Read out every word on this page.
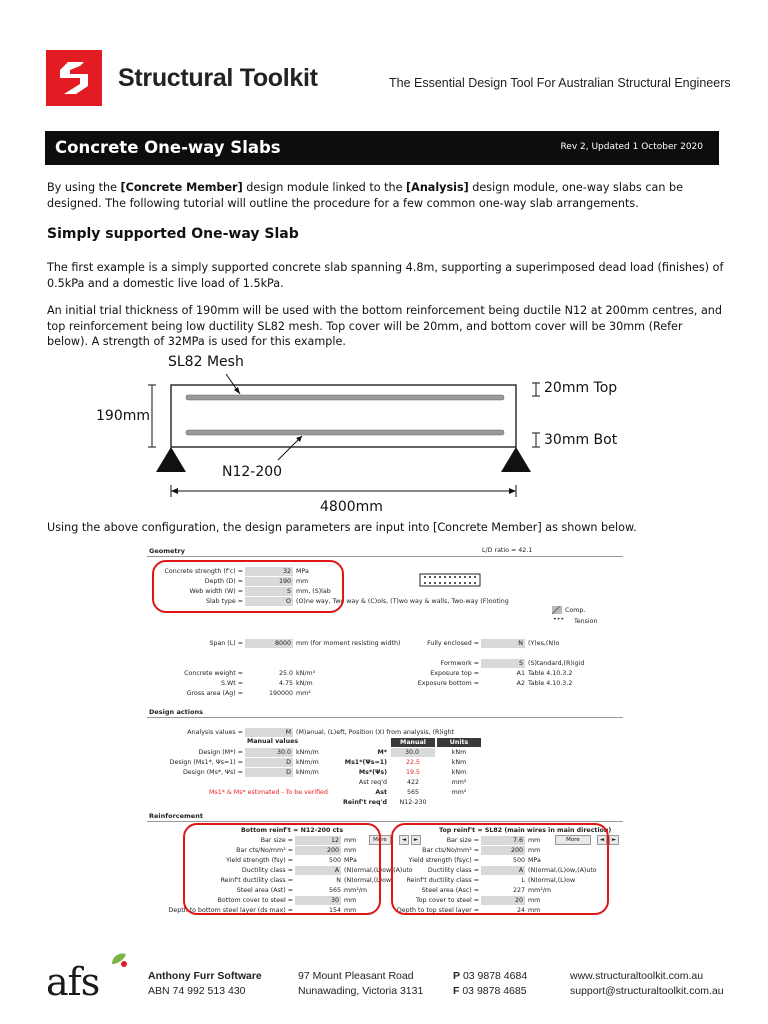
Structural Toolkit	The Essential Design Tool For Australian Structural Engineers
Concrete One-way Slabs	Rev 2, Updated 1 October 2020
By using the [Concrete Member] design module linked to the [Analysis] design module, one-way slabs can be designed. The following tutorial will outline the procedure for a few common one-way slab arrangements.
Simply supported One-way Slab
The first example is a simply supported concrete slab spanning 4.8m, supporting a superimposed dead load (finishes) of 0.5kPa and a domestic live load of 1.5kPa.
An initial trial thickness of 190mm will be used with the bottom reinforcement being ductile N12 at 200mm centres, and top reinforcement being low ductility SL82 mesh. Top cover will be 20mm, and bottom cover will be 30mm (Refer below). A strength of 32MPa is used for this example.
SL82 Mesh
190mm
20mm Top
30mm Bot
N12-200
4800mm
Using the above configuration, the design parameters are input into [Concrete Member] as shown below.
Geometry	L/D ratio = 42.1
Concrete strength (f'c) =	32 MPa
Depth (D) =	190 mm
Web width (W) =	S mm, (S)lab
Slab type =	O (O)ne way, Two way & (C)ols, (T)wo way & walls, Two-way (F)ooting
Comp.
••• Tension
Span (L) =	8000 mm (for moment resisting width)	Fully enclosed =	N (Y)es,(N)o
Formwork =	S (S)tandard,(R)igid
Concrete weight =	25.0 kN/m³	Exposure top =	A1 Table 4.10.3.2
S.Wt =	4.75 kN/m	Exposure bottom =	A2 Table 4.10.3.2
Gross area (Ag) =	190000 mm²
Design actions
Analysis values =	M (M)anual, (L)eft, Position (X) from analysis, (R)ight
Manual values	Manual	Units
Design (M*) =	30.0 kNm/m	M*	30.0	kNm
Design (Ms1*, Ψs=1) =	D kNm/m	Ms1*(Ψs=1)	22.5	kNm
Design (Ms*, Ψs) =	D kNm/m	Ms*(Ψs)	19.5	kNm
Ast req'd	422	mm²
Ms1* & Ms* estimated - To be verified	Ast	565	mm²
Reinf't req'd	N12-230
Reinforcement
Bottom reinf't = N12-200 cts
Bar size =	12 mm	More	◄	►
Bar cts/No/mm² =	200 mm
Yield strength (fsy) =	500 MPa
Ductility class =	A (N)ormal,(L)ow,(A)uto
Reinf't ductility class =	N (N)ormal,(L)ow
Steel area (Ast) =	565 mm²/m
Bottom cover to steel =	30 mm
Depth to bottom steel layer (ds max) =	154 mm
Top reinf't = SL82 (main wires in main direction)
Bar size =	7.6 mm	More	◄	►
Bar cts/No/mm² =	200 mm
Yield strength (fsyc) =	500 MPa
Ductility class =	A (N)ormal,(L)ow,(A)uto
Reinf't ductility class =	L (N)ormal,(L)ow
Steel area (Asc) =	227 mm²/m
Top cover to steel =	20 mm
Depth to top steel layer =	24 mm
afs	Anthony Furr Software
ABN 74 992 513 430
97 Mount Pleasant Road
Nunawading, Victoria 3131
P 03 9878 4684
F 03 9878 4685
www.structuraltoolkit.com.au
support@structuraltoolkit.com.au
